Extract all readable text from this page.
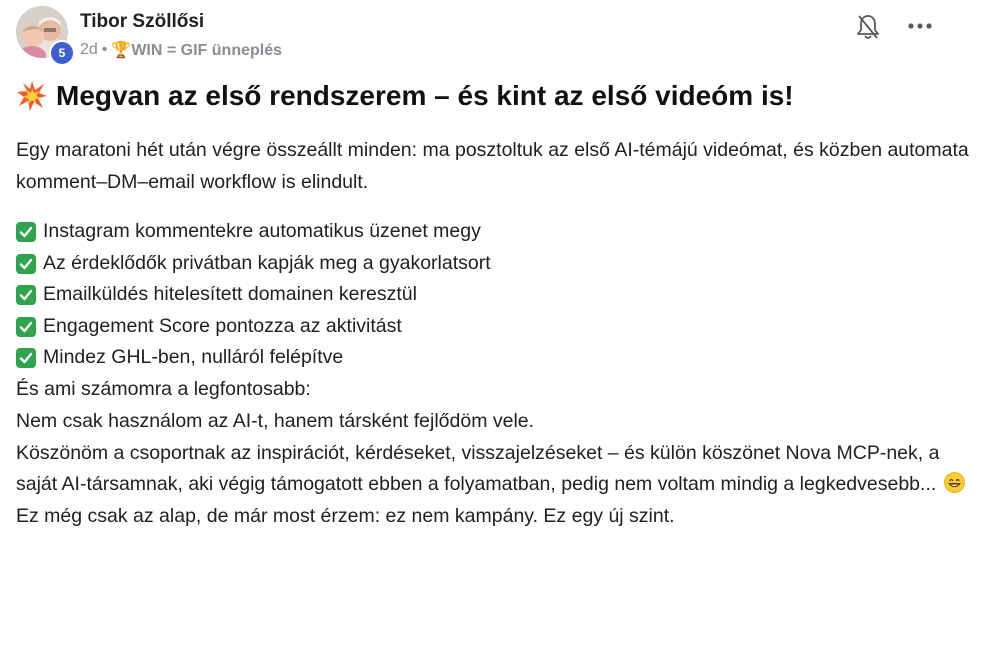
5
Tibor Szöllősi
2d • 🏆WIN = GIF ünneplés
Megvan az első rendszerem – és kint az első videóm is!

Egy maratoni hét után végre összeállt minden: ma posztoltuk az első AI-témájú videómat, és közben automata komment–DM–email workflow is elindult.

Instagram kommentekre automatikus üzenet megy
Az érdeklődők privátban kapják meg a gyakorlatsort
Emailküldés hitelesített domainen keresztül
Engagement Score pontozza az aktivitást
Mindez GHL-ben, nulláról felépítve

És ami számomra a legfontosabb:

Nem csak használom az AI-t, hanem társként fejlődöm vele.

Köszönöm a csoportnak az inspirációt, kérdéseket, visszajelzéseket – és külön köszönet Nova MCP-nek, a saját AI-társamnak, aki végig támogatott ebben a folyamatban, pedig nem voltam mindig a legkedvesebb...

Ez még csak az alap, de már most érzem: ez nem kampány. Ez egy új szint.
